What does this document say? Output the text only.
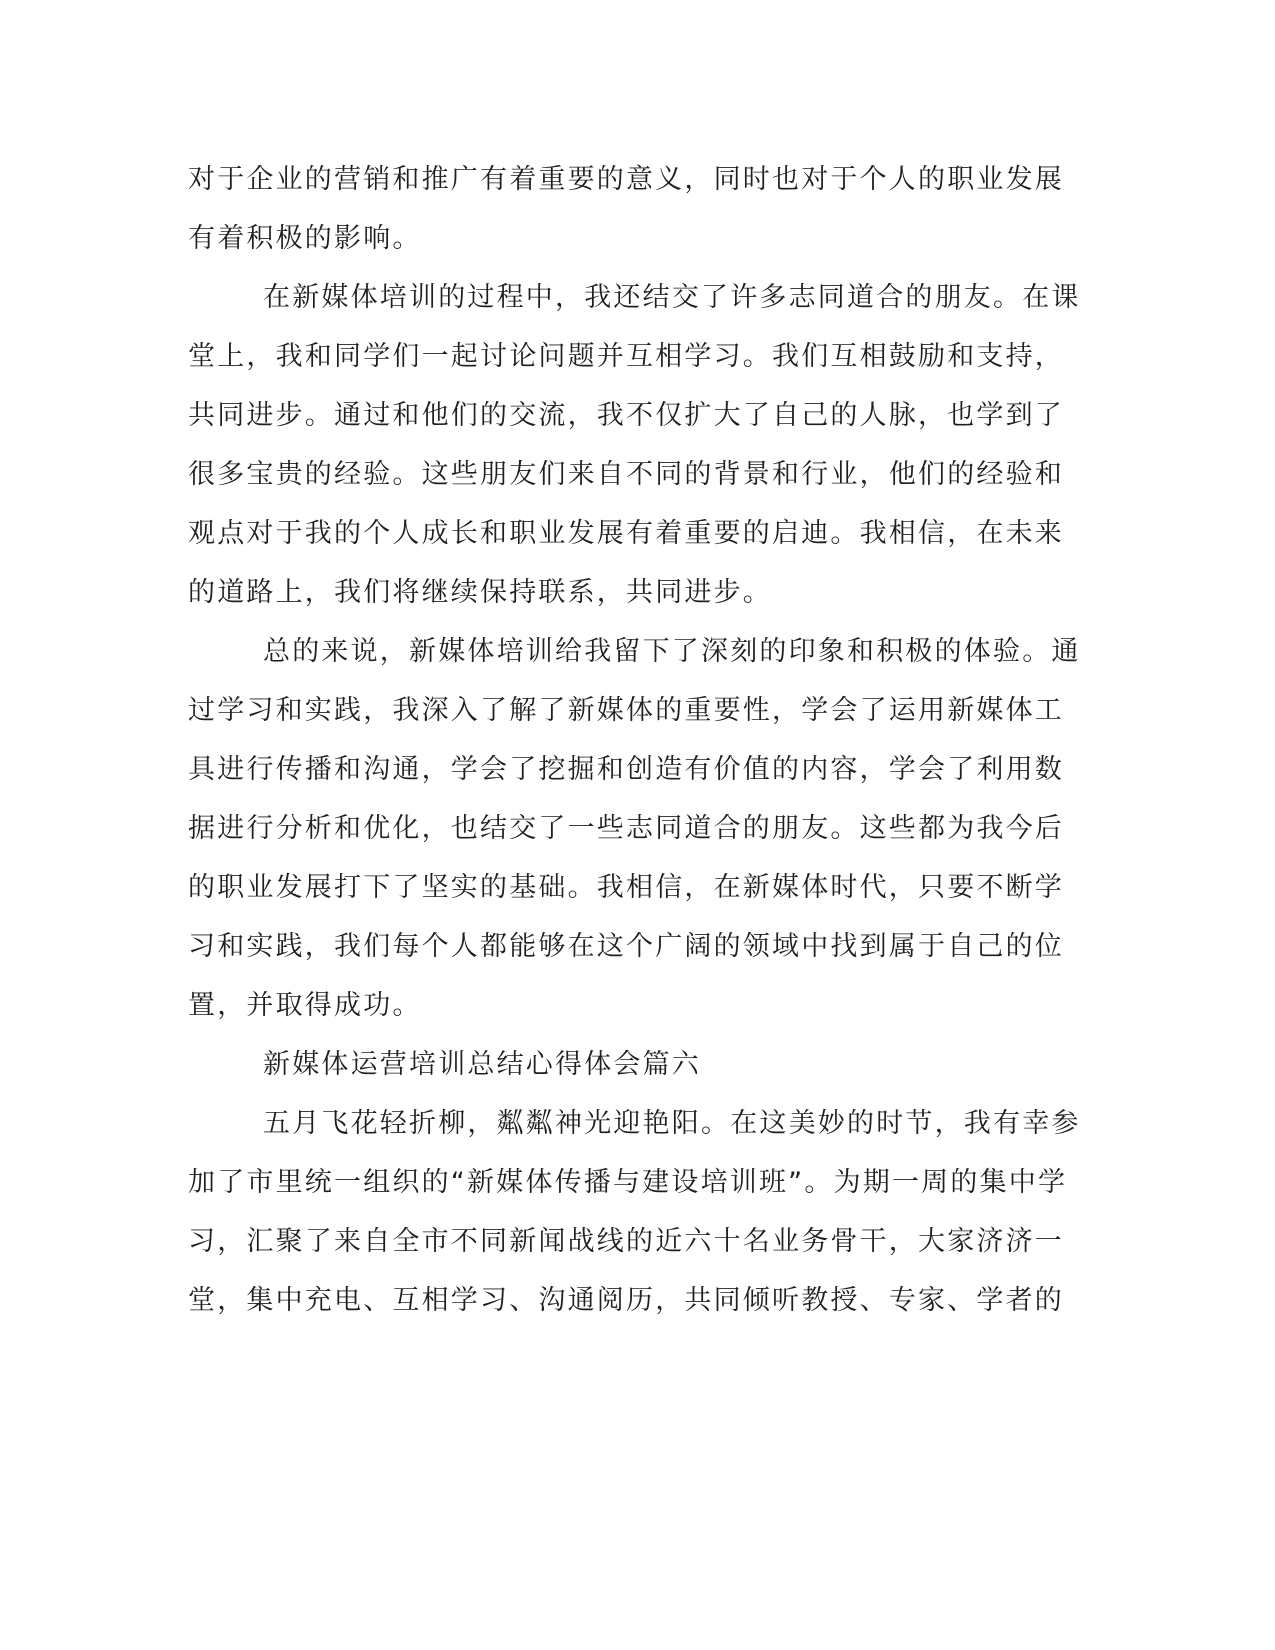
对于企业的营销和推广有着重要的意义，同时也对于个人的职业发展
有着积极的影响。
在新媒体培训的过程中，我还结交了许多志同道合的朋友。在课
堂上，我和同学们一起讨论问题并互相学习。我们互相鼓励和支持，
共同进步。通过和他们的交流，我不仅扩大了自己的人脉，也学到了
很多宝贵的经验。这些朋友们来自不同的背景和行业，他们的经验和
观点对于我的个人成长和职业发展有着重要的启迪。我相信，在未来
的道路上，我们将继续保持联系，共同进步。
总的来说，新媒体培训给我留下了深刻的印象和积极的体验。通
过学习和实践，我深入了解了新媒体的重要性，学会了运用新媒体工
具进行传播和沟通，学会了挖掘和创造有价值的内容，学会了利用数
据进行分析和优化，也结交了一些志同道合的朋友。这些都为我今后
的职业发展打下了坚实的基础。我相信，在新媒体时代，只要不断学
习和实践，我们每个人都能够在这个广阔的领域中找到属于自己的位
置，并取得成功。
新媒体运营培训总结心得体会篇六
五月飞花轻折柳，粼粼神光迎艳阳。在这美妙的时节，我有幸参
加了市里统一组织的“新媒体传播与建设培训班”。为期一周的集中学
习，汇聚了来自全市不同新闻战线的近六十名业务骨干，大家济济一
堂，集中充电、互相学习、沟通阅历，共同倾听教授、专家、学者的
